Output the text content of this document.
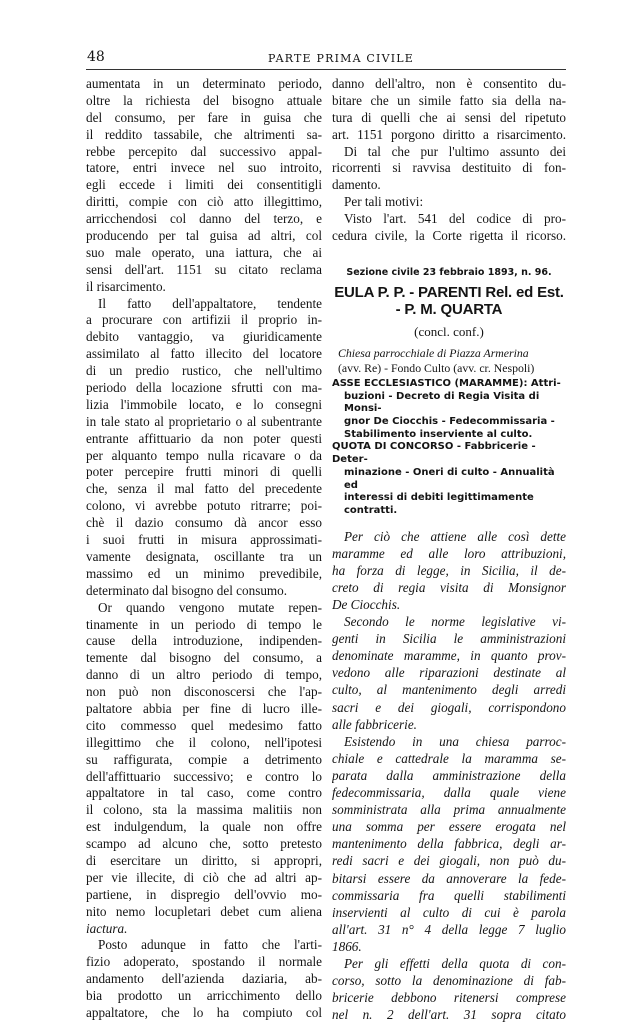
48	PARTE PRIMA CIVILE
aumentata in un determinato periodo,
oltre la richiesta del bisogno attuale
del consumo, per fare in guisa che
il reddito tassabile, che altrimenti sa-
rebbe percepito dal successivo appal-
tatore, entri invece nel suo introito,
egli eccede i limiti dei consentitigli
diritti, compie con ciò atto illegittimo,
arricchendosi col danno del terzo, e
producendo per tal guisa ad altri, col
suo male operato, una iattura, che ai
sensi dell'art. 1151 su citato reclama
il risarcimento.
Il fatto dell'appaltatore, tendente
a procurare con artifizii il proprio in-
debito vantaggio, va giuridicamente
assimilato al fatto illecito del locatore
di un predio rustico, che nell'ultimo
periodo della locazione sfrutti con ma-
lizia l'immobile locato, e lo consegni
in tale stato al proprietario o al subentrante
entrante affittuario da non poter questi
per alquanto tempo nulla ricavare o da
poter percepire frutti minori di quelli
che, senza il mal fatto del precedente
colono, vi avrebbe potuto ritrarre; poi-
chè il dazio consumo dà ancor esso
i suoi frutti in misura approssimati-
vamente designata, oscillante tra un
massimo ed un minimo prevedibile,
determinato dal bisogno del consumo.
Or quando vengono mutate repen-
tinamente in un periodo di tempo le
cause della introduzione, indipenden-
temente dal bisogno del consumo, a
danno di un altro periodo di tempo,
non può non disconoscersi che l'ap-
paltatore abbia per fine di lucro ille-
cito commesso quel medesimo fatto
illegittimo che il colono, nell'ipotesi
su raffigurata, compie a detrimento
dell'affittuario successivo; e contro lo
appaltatore in tal caso, come contro
il colono, sta la massima malitiis non
est indulgendum, la quale non offre
scampo ad alcuno che, sotto pretesto
di esercitare un diritto, si appropri,
per vie illecite, di ciò che ad altri ap-
partiene, in dispregio dell'ovvio mo-
nito nemo locupletari debet cum aliena
iactura.
Posto adunque in fatto che l'arti-
fizio adoperato, spostando il normale
andamento dell'azienda daziaria, ab-
bia prodotto un arricchimento dello
appaltatore, che lo ha compiuto col
danno dell'altro, non è consentito du-
bitare che un simile fatto sia della na-
tura di quelli che ai sensi del ripetuto
art. 1151 porgono diritto a risarcimento.
Di tal che pur l'ultimo assunto dei
ricorrenti si ravvisa destituito di fon-
damento.
Per tali motivi:
Visto l'art. 541 del codice di pro-
cedura civile, la Corte rigetta il ricorso.
Sezione civile 23 febbraio 1893, n. 96.
EULA P. P. - PARENTI Rel. ed Est. - P. M. QUARTA
(concl. conf.)
Chiesa parrocchiale di Piazza Armerina
(avv. Re) - Fondo Culto (avv. cr. Nespoli)
ASSE ECCLESIASTICO (MARAMME): Attri-
buzioni - Decreto di Regia Visita di Monsi-
gnor De Ciocchis - Fedecommissaria -
Stabilimento inserviente al culto.
QUOTA DI CONCORSO - Fabbricerie - Deter-
minazione - Oneri di culto - Annualità ed
interessi di debiti legittimamente contratti.
Per ciò che attiene alle così dette
maramme ed alle loro attribuzioni,
ha forza di legge, in Sicilia, il de-
creto di regia visita di Monsignor
De Ciocchis.
Secondo le norme legislative vi-
genti in Sicilia le amministrazioni
denominate maramme, in quanto prov-
vedono alle riparazioni destinate al
culto, al mantenimento degli arredi
sacri e dei giogali, corrispondono
alle fabbricerie.
Esistendo in una chiesa parroc-
chiale e cattedrale la maramma se-
parata dalla amministrazione della
fedecommissaria, dalla quale viene
somministrata alla prima annualmente
una somma per essere erogata nel
mantenimento della fabbrica, degli ar-
redi sacri e dei giogali, non può du-
bitarsi essere da annoverare la fede-
commissaria fra quelli stabilimenti
inservienti al culto di cui è parola
all'art. 31 n° 4 della legge 7 luglio
1866.
Per gli effetti della quota di con-
corso, sotto la denominazione di fab-
bricerie debbono ritenersi comprese
nel n. 2 dell'art. 31 sopra citato
